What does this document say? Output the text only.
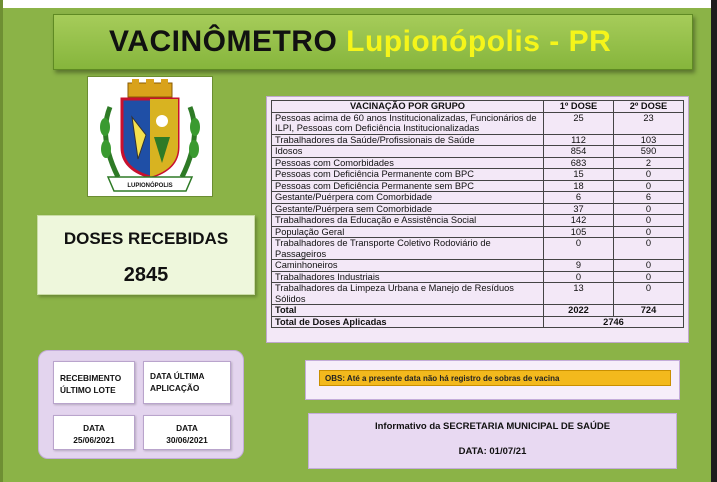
VACINÔMETRO Lupionópolis - PR
LUPIONÓPOLIS
DOSES RECEBIDAS
2845
VACINAÇÃO POR GRUPO	1º DOSE	2º DOSE
Pessoas acima de 60 anos Institucionalizadas, Funcionários de ILPI, Pessoas com Deficiência Institucionalizadas	25	23
Trabalhadores da Saúde/Profissionais de Saúde	112	103
Idosos	854	590
Pessoas com Comorbidades	683	2
Pessoas com Deficiência Permanente com BPC	15	0
Pessoas com Deficiência Permanente sem BPC	18	0
Gestante/Puérpera com Comorbidade	6	6
Gestante/Puérpera sem Comorbidade	37	0
Trabalhadores da Educação e Assistência Social	142	0
População Geral	105	0
Trabalhadores de Transporte Coletivo Rodoviário de Passageiros	0	0
Caminhoneiros	9	0
Trabalhadores Industriais	0	0
Trabalhadores da Limpeza Urbana e Manejo de Resíduos Sólidos	13	0
Total	2022	724
Total de Doses Aplicadas	2746	
RECEBIMENTO
ÚLTIMO LOTE
DATA ÚLTIMA
APLICAÇÃO
DATA
25/06/2021
DATA
30/06/2021
OBS: Até a presente data não há registro de sobras de vacina
Informativo da SECRETARIA MUNICIPAL DE SAÚDE
DATA: 01/07/21
